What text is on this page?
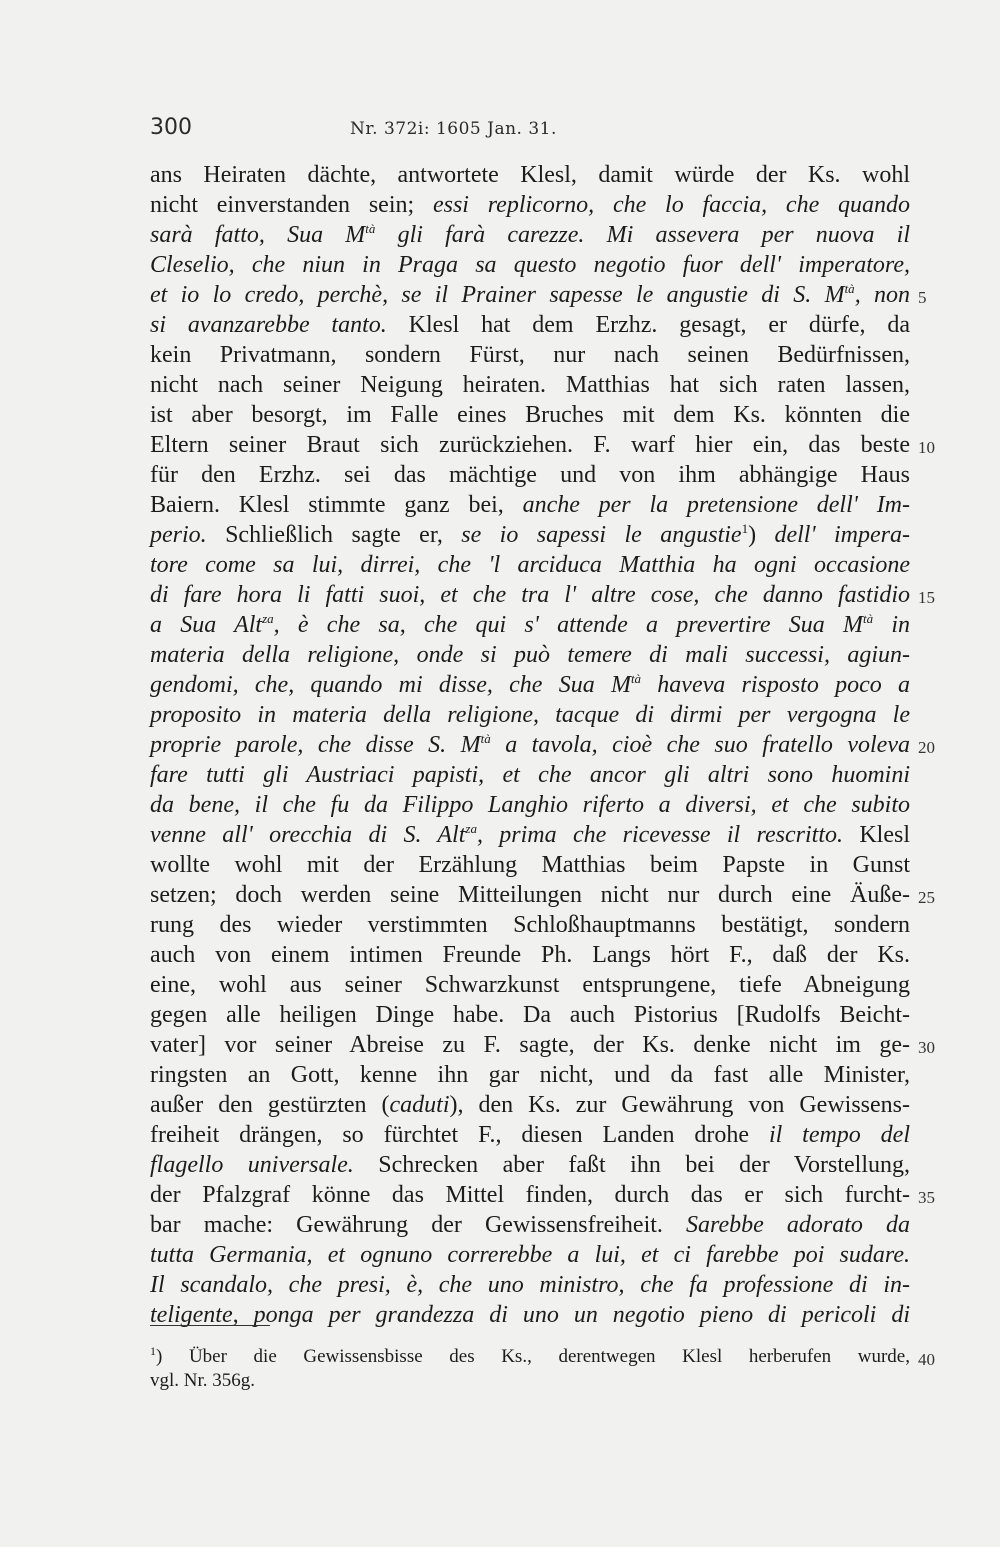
300	Nr. 372i: 1605 Jan. 31.
ans Heiraten dächte, antwortete Klesl, damit würde der Ks. wohl
nicht einverstanden sein; essi replicorno, che lo faccia, che quando
sarà fatto, Sua $M^{tà}$ gli farà carezze. Mi assevera per nuova il
Cleselio, che niun in Praga sa questo negotio fuor dell' imperatore,
et io lo credo, perchè, se il Prainer sapesse le angustie di S. $M^{tà}$, non
si avanzarebbe tanto. Klesl hat dem Erzhz. gesagt, er dürfe, da
kein Privatmann, sondern Fürst, nur nach seinen Bedürfnissen,
nicht nach seiner Neigung heiraten. Matthias hat sich raten lassen,
ist aber besorgt, im Falle eines Bruches mit dem Ks. könnten die
Eltern seiner Braut sich zurückziehen. F. warf hier ein, das beste
für den Erzhz. sei das mächtige und von ihm abhängige Haus
Baiern. Klesl stimmte ganz bei, anche per la pretensione dell' Im-
perio. Schließlich sagte er, se io sapessi le angustie$^1$) dell' impera-
tore come sa lui, dirrei, che 'l arciduca Matthia ha ogni occasione
di fare hora li fatti suoi, et che tra l' altre cose, che danno fastidio
a Sua Alt$^{za}$, è che sa, che qui s' attende a prevertire Sua $M^{tà}$ in
materia della religione, onde si può temere di mali successi, agiun-
gendomi, che, quando mi disse, che Sua $M^{tà}$ haveva risposto poco a
proposito in materia della religione, tacque di dirmi per vergogna le
proprie parole, che disse S. $M^{tà}$ a tavola, cioè che suo fratello voleva
fare tutti gli Austriaci papisti, et che ancor gli altri sono huomini
da bene, il che fu da Filippo Langhio riferto a diversi, et che subito
venne all' orecchia di S. Alt$^{za}$, prima che ricevesse il rescritto. Klesl
wollte wohl mit der Erzählung Matthias beim Papste in Gunst
setzen; doch werden seine Mitteilungen nicht nur durch eine Äuße-
rung des wieder verstimmten Schloßhauptmanns bestätigt, sondern
auch von einem intimen Freunde Ph. Langs hört F., daß der Ks.
eine, wohl aus seiner Schwarzkunst entsprungene, tiefe Abneigung
gegen alle heiligen Dinge habe. Da auch Pistorius [Rudolfs Beicht-
vater] vor seiner Abreise zu F. sagte, der Ks. denke nicht im ge-
ringsten an Gott, kenne ihn gar nicht, und da fast alle Minister,
außer den gestürzten (caduti), den Ks. zur Gewährung von Gewissens-
freiheit drängen, so fürchtet F., diesen Landen drohe il tempo del
flagello universale. Schrecken aber faßt ihn bei der Vorstellung,
der Pfalzgraf könne das Mittel finden, durch das er sich furcht-
bar mache: Gewährung der Gewissensfreiheit. Sarebbe adorato da
tutta Germania, et ognuno correrebbe a lui, et ci farebbe poi sudare.
Il scandalo, che presi, è, che uno ministro, che fa professione di in-
teligente, ponga per grandezza di uno un negotio pieno di pericoli di
5
10
15
20
25
30
35
40
$^1$) Über die Gewissensbisse des Ks., derentwegen Klesl herberufen wurde,
vgl. Nr. 356g.
